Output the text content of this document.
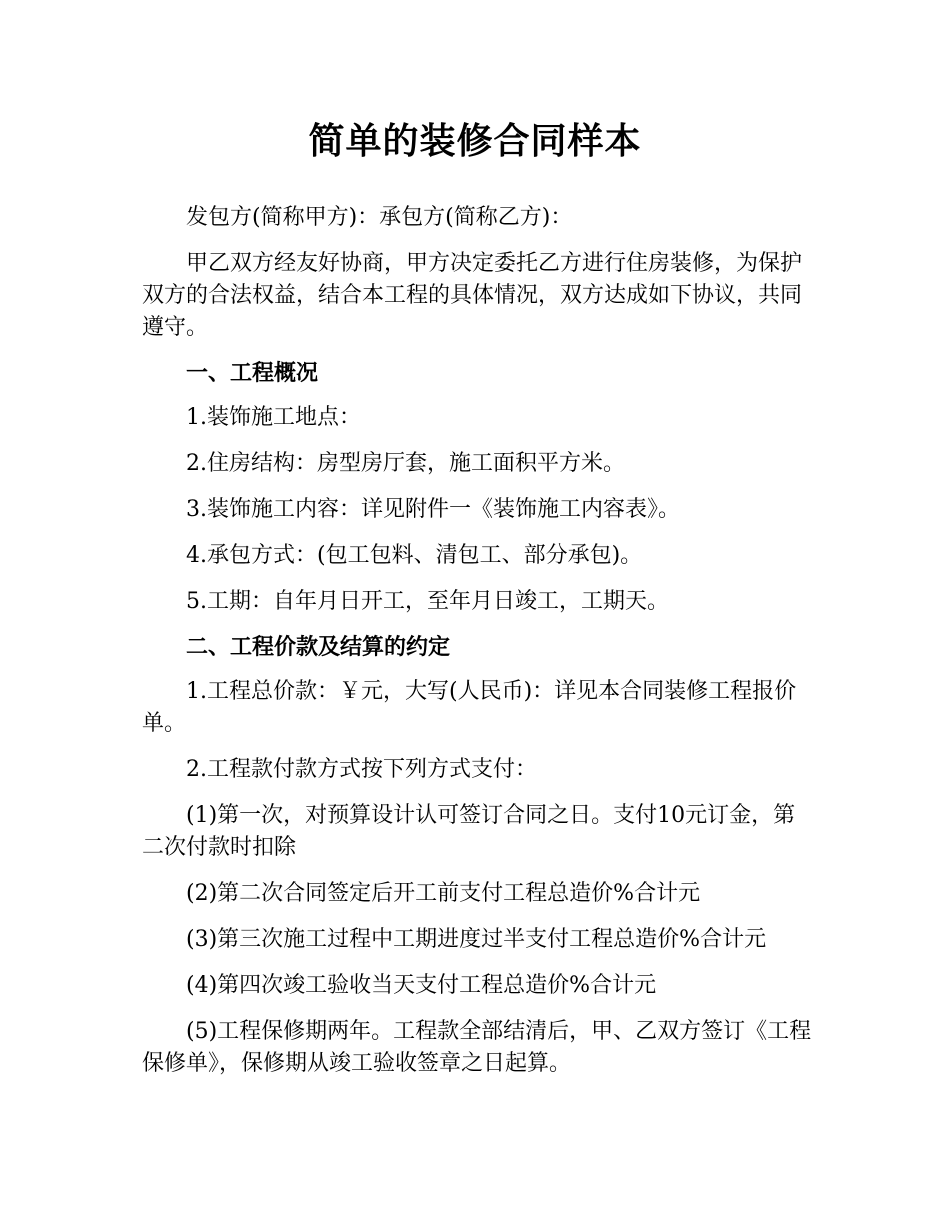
简单的装修合同样本

发包方(简称甲方)：承包方(简称乙方)：

甲乙双方经友好协商，甲方决定委托乙方进行住房装修，为保护双方的合法权益，结合本工程的具体情况，双方达成如下协议，共同遵守。

一、工程概况

1.装饰施工地点：

2.住房结构：房型房厅套，施工面积平方米。

3.装饰施工内容：详见附件一《装饰施工内容表》。

4.承包方式：(包工包料、清包工、部分承包)。

5.工期：自年月日开工，至年月日竣工，工期天。

二、工程价款及结算的约定

1.工程总价款：￥元，大写(人民币)：详见本合同装修工程报价单。

2.工程款付款方式按下列方式支付：

(1)第一次，对预算设计认可签订合同之日。支付10元订金，第二次付款时扣除

(2)第二次合同签定后开工前支付工程总造价%合计元

(3)第三次施工过程中工期进度过半支付工程总造价%合计元

(4)第四次竣工验收当天支付工程总造价%合计元

(5)工程保修期两年。工程款全部结清后，甲、乙双方签订《工程保修单》，保修期从竣工验收签章之日起算。
